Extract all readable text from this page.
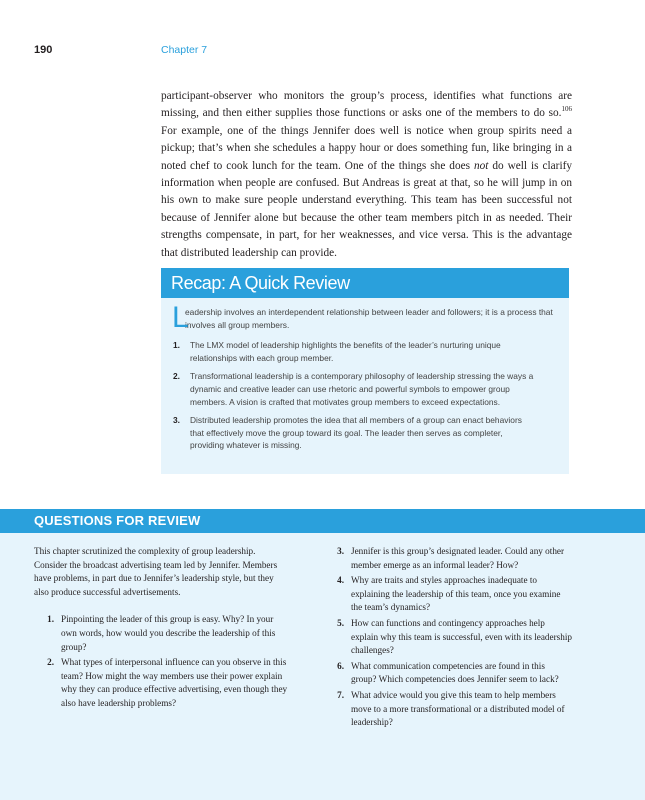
190	Chapter 7

participant-observer who monitors the group’s process, identifies what functions are missing, and then either supplies those functions or asks one of the members to do so.$^{106}$ For example, one of the things Jennifer does well is notice when group spirits need a pickup; that’s when she schedules a happy hour or does something fun, like bringing in a noted chef to cook lunch for the team. One of the things she does not do well is clarify information when people are confused. But Andreas is great at that, so he will jump in on his own to make sure people understand everything. This team has been successful not because of Jennifer alone but because the other team members pitch in as needed. Their strengths compensate, in part, for her weaknesses, and vice versa. This is the advantage that distributed leadership can provide.

Recap: A Quick Review

L
eadership involves an interdependent relationship between leader and followers; it is a process that involves all group members.

1.	The LMX model of leadership highlights the benefits of the leader’s nurturing unique relationships with each group member.
2.	Transformational leadership is a contemporary philosophy of leadership stressing the ways a dynamic and creative leader can use rhetoric and powerful symbols to empower group members. A vision is crafted that motivates group members to exceed expectations.
3.	Distributed leadership promotes the idea that all members of a group can enact behaviors that effectively move the group toward its goal. The leader then serves as completer, providing whatever is missing.
QUESTIONS FOR REVIEW

This chapter scrutinized the complexity of group leadership. Consider the broadcast advertising team led by Jennifer. Members have problems, in part due to Jennifer’s leadership style, but they also produce successful advertisements.

1. Pinpointing the leader of this group is easy. Why? In your own words, how would you describe the leadership of this group?
2. What types of interpersonal influence can you observe in this team? How might the way members use their power explain why they can produce effective advertising, even though they also have leadership problems?
3. Jennifer is this group’s designated leader. Could any other member emerge as an informal leader? How?
4. Why are traits and styles approaches inadequate to explaining the leadership of this team, once you examine the team’s dynamics?
5. How can functions and contingency approaches help explain why this team is successful, even with its leadership challenges?
6. What communication competencies are found in this group? Which competencies does Jennifer seem to lack?
7. What advice would you give this team to help members move to a more transformational or a distributed model of leadership?
